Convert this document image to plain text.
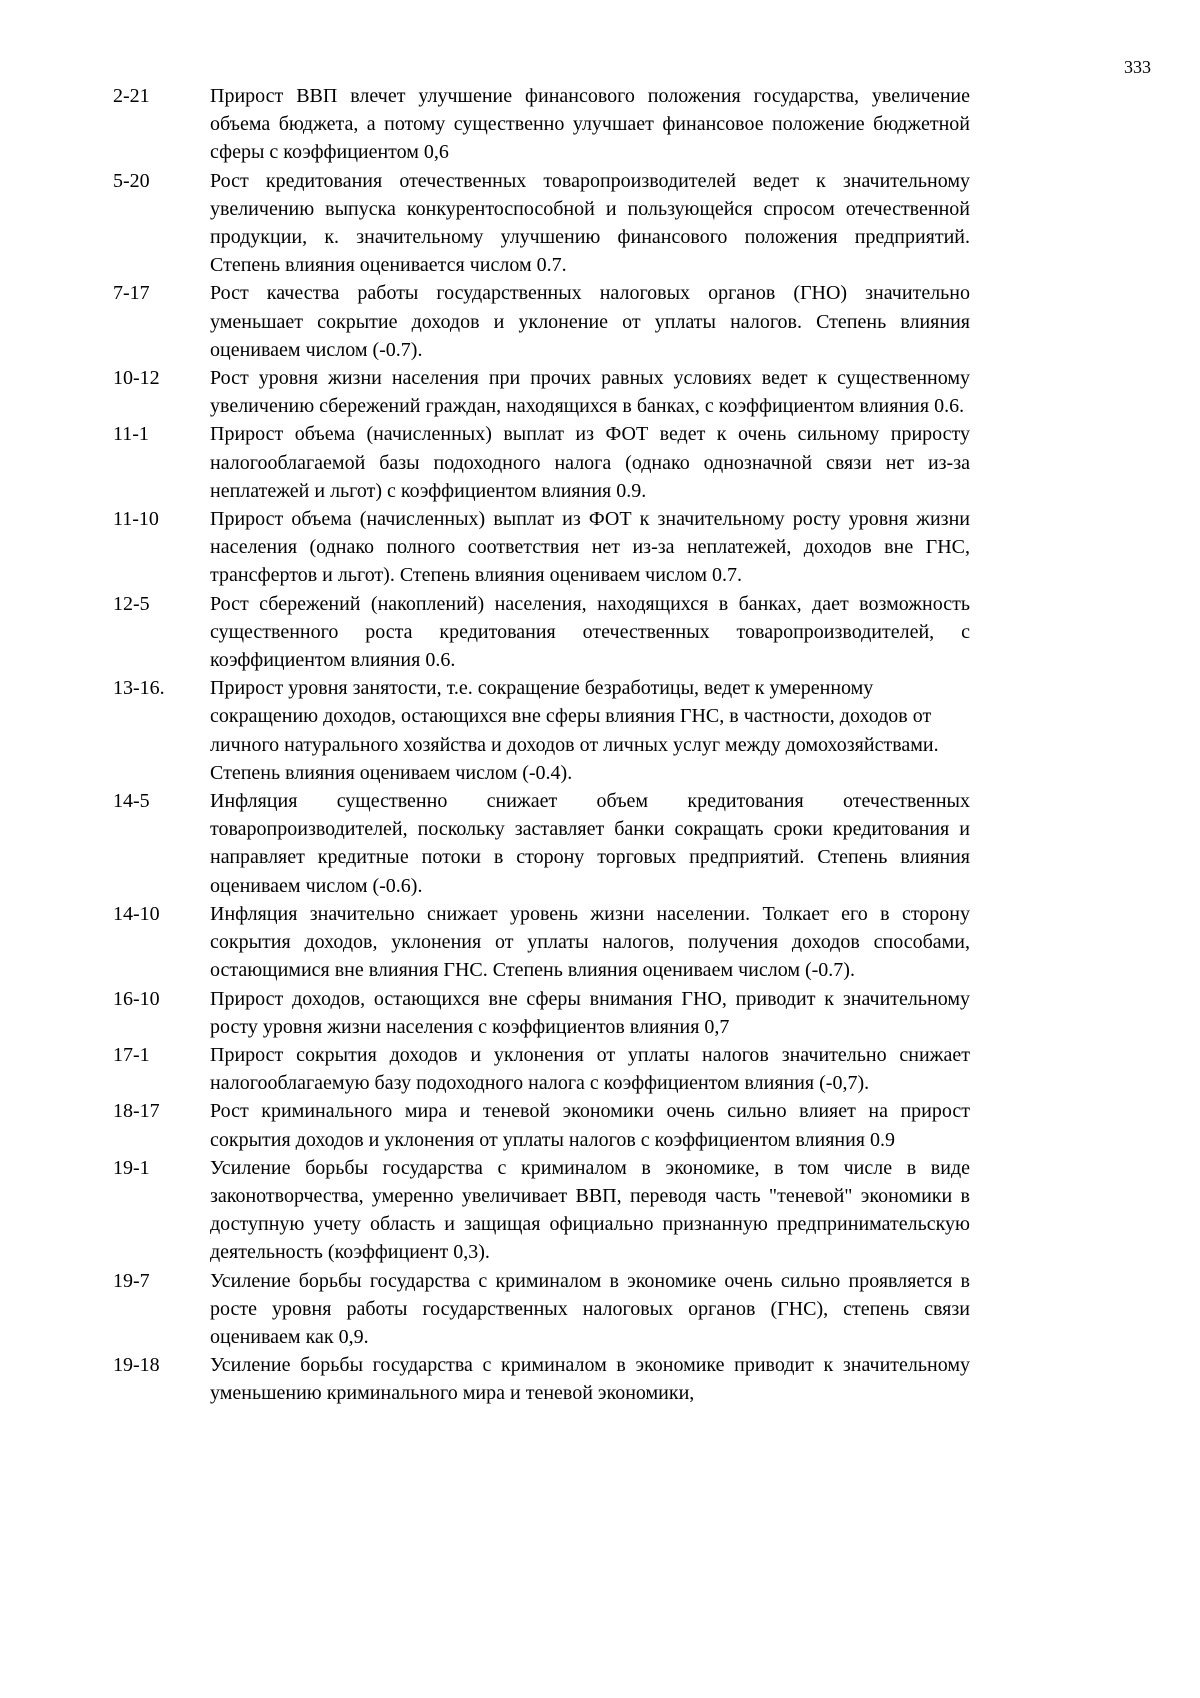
333
2-21	Прирост ВВП влечет улучшение финансового положения государства, увеличение объема бюджета, а потому существенно улучшает финансовое положение бюджетной сферы с коэффициентом 0,6
5-20	Рост кредитования отечественных товаропроизводителей ведет к значительному увеличению выпуска конкурентоспособной и пользующейся спросом отечественной продукции, к. значительному улучшению финансового положения предприятий. Степень влияния оценивается числом 0.7.
7-17	Рост качества работы государственных налоговых органов (ГНО) значительно уменьшает сокрытие доходов и уклонение от уплаты налогов. Степень влияния оцениваем числом (-0.7).
10-12	Рост уровня жизни населения при прочих равных условиях ведет к существенному увеличению сбережений граждан, находящихся в банках, с коэффициентом влияния 0.6.
11-1	Прирост объема (начисленных) выплат из ФОТ ведет к очень сильному приросту налогооблагаемой базы подоходного налога (однако однозначной связи нет из-за неплатежей и льгот) с коэффициентом влияния 0.9.
11-10	Прирост объема (начисленных) выплат из ФОТ к значительному росту уровня жизни населения (однако полного соответствия нет из-за неплатежей, доходов вне ГНС, трансфертов и льгот). Степень влияния оцениваем числом 0.7.
12-5	Рост сбережений (накоплений) населения, находящихся в банках, дает возможность существенного роста кредитования отечественных товаропроизводителей, с коэффициентом влияния 0.6.
13-16.	Прирост уровня занятости, т.е. сокращение безработицы, ведет к умеренному сокращению доходов, остающихся вне сферы влияния ГНС, в частности, доходов от личного натурального хозяйства и доходов от личных услуг между домохозяйствами. Степень влияния оцениваем числом (-0.4).
14-5	Инфляция существенно снижает объем кредитования отечественных товаропроизводителей, поскольку заставляет банки сокращать сроки кредитования и направляет кредитные потоки в сторону торговых предприятий. Степень влияния оцениваем числом (-0.6).
14-10	Инфляция значительно снижает уровень жизни населении. Толкает его в сторону сокрытия доходов, уклонения от уплаты налогов, получения доходов способами, остающимися вне влияния ГНС. Степень влияния оцениваем числом (-0.7).
16-10	Прирост доходов, остающихся вне сферы внимания ГНО, приводит к значительному росту уровня жизни населения с коэффициентов влияния 0,7
17-1	Прирост сокрытия доходов и уклонения от уплаты налогов значительно снижает налогооблагаемую базу подоходного налога с коэффициентом влияния (-0,7).
18-17	Рост криминального мира и теневой экономики очень сильно влияет на прирост сокрытия доходов и уклонения от уплаты налогов с коэффициентом влияния 0.9
19-1	Усиление борьбы государства с криминалом в экономике, в том числе в виде законотворчества, умеренно увеличивает ВВП, переводя часть "теневой" экономики в доступную учету область и защищая официально признанную предпринимательскую деятельность (коэффициент 0,3).
19-7	Усиление борьбы государства с криминалом в экономике очень сильно проявляется в росте уровня работы государственных налоговых органов (ГНС), степень связи оцениваем как 0,9.
19-18	Усиление борьбы государства с криминалом в экономике приводит к значительному уменьшению криминального мира и теневой экономики,
